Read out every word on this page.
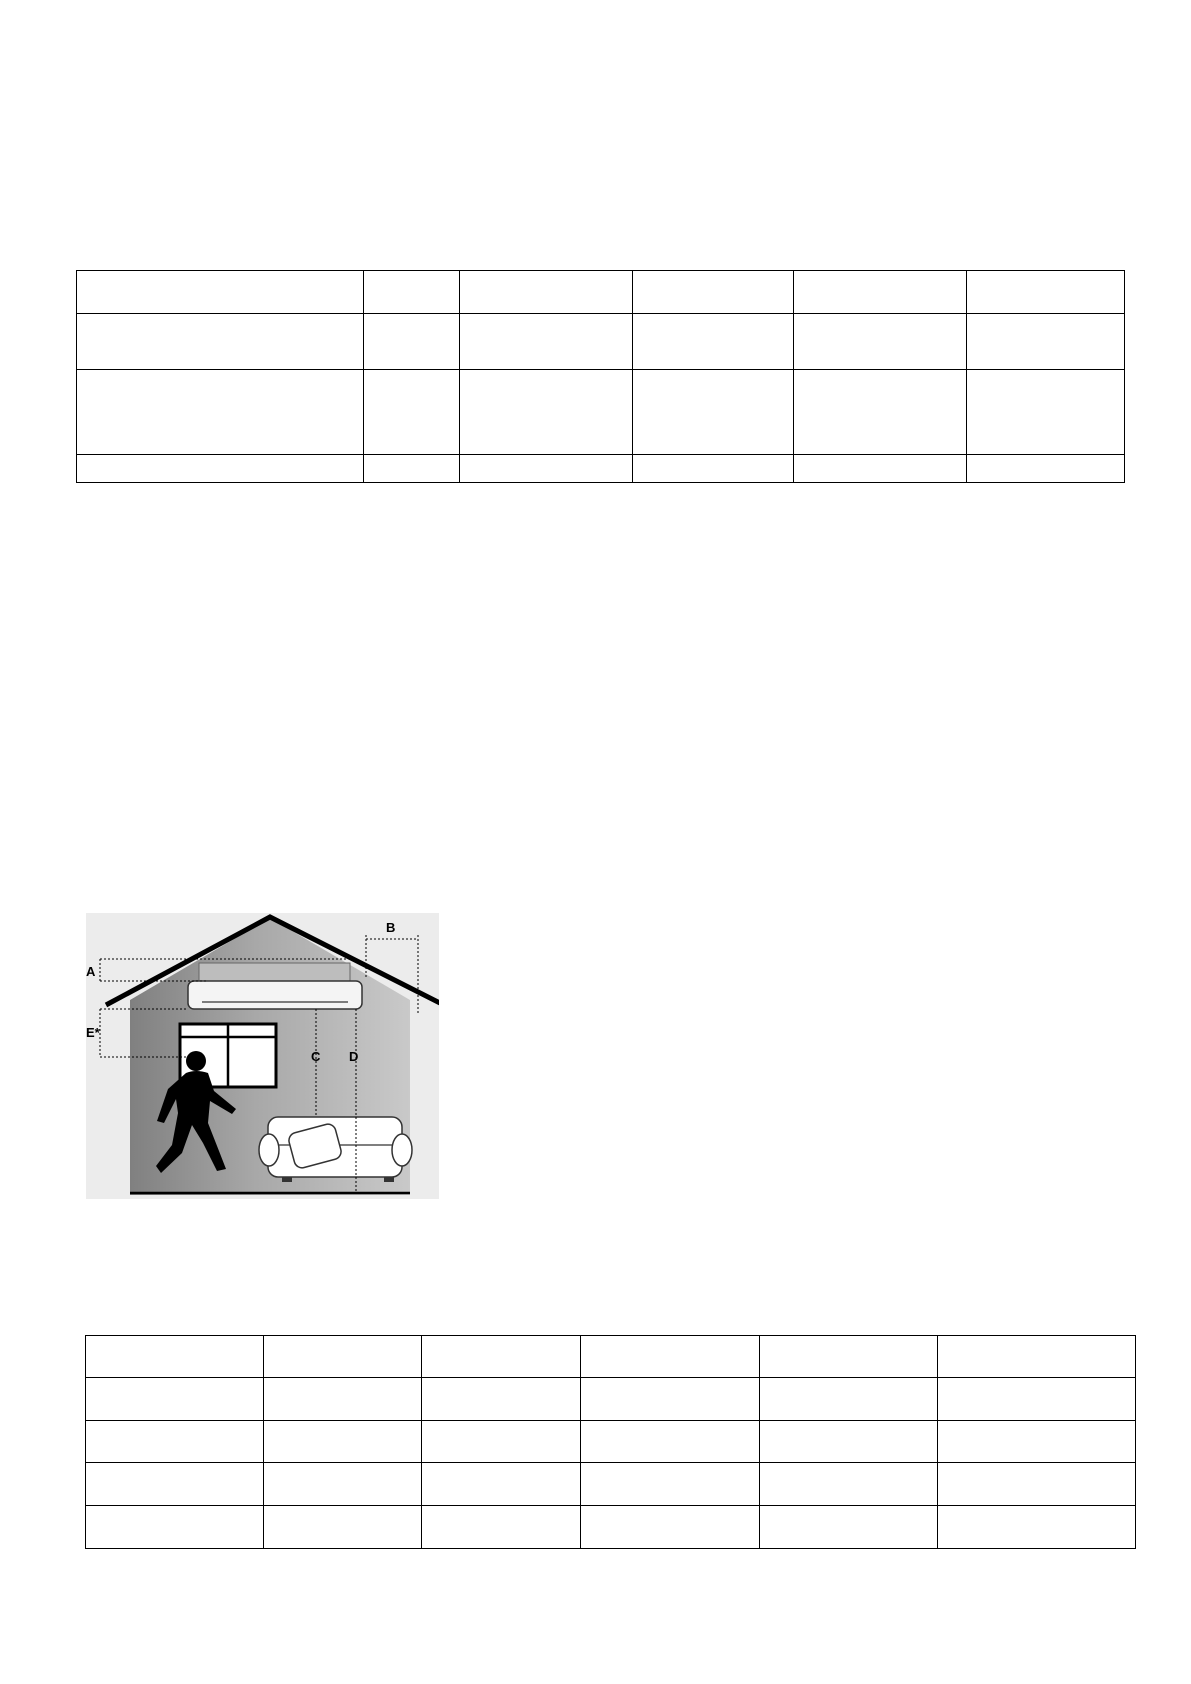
A
E*
B
C D
